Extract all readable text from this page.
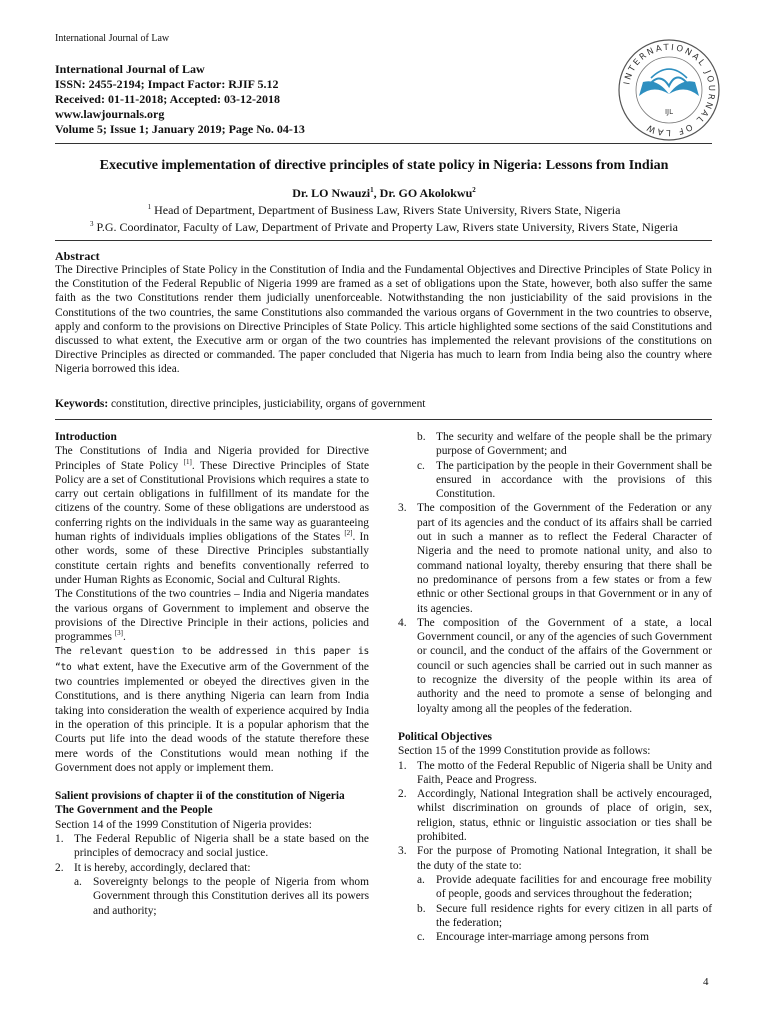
International Journal of Law
International Journal of Law
ISSN: 2455-2194; Impact Factor: RJIF 5.12
Received: 01-11-2018; Accepted: 03-12-2018
www.lawjournals.org
Volume 5; Issue 1; January 2019; Page No. 04-13
INTERNATIONAL JOURNAL OF LAW
IJL
Executive implementation of directive principles of state policy in Nigeria: Lessons from Indian
Dr. LO Nwauzi$^1$, Dr. GO Akolokwu$^2$
$^1$ Head of Department, Department of Business Law, Rivers State University, Rivers State, Nigeria
$^3$ P.G. Coordinator, Faculty of Law, Department of Private and Property Law, Rivers state University, Rivers State, Nigeria
Abstract
The Directive Principles of State Policy in the Constitution of India and the Fundamental Objectives and Directive Principles of State Policy in the Constitution of the Federal Republic of Nigeria 1999 are framed as a set of obligations upon the State, however, both also suffer the same faith as the two Constitutions render them judicially unenforceable. Notwithstanding the non justiciability of the said provisions in the Constitutions of the two countries, the same Constitutions also commanded the various organs of Government in the two countries to observe, apply and conform to the provisions on Directive Principles of State Policy. This article highlighted some sections of the said Constitutions and discussed to what extent, the Executive arm or organ of the two countries has implemented the relevant provisions of the constitutions on Directive Principles as directed or commanded. The paper concluded that Nigeria has much to learn from India being also the country where Nigeria borrowed this idea.
Keywords: constitution, directive principles, justiciability, organs of government

Introduction

The Constitutions of India and Nigeria provided for Directive Principles of State Policy [1]. These Directive Principles of State Policy are a set of Constitutional Provisions which requires a state to carry out certain obligations in fulfillment of its mandate for the citizens of the country. Some of these obligations are understood as conferring rights on the individuals in the same way as guaranteeing human rights of individuals implies obligations of the States [2]. In other words, some of these Directive Principles substantially constitute certain rights and benefits conventionally referred to under Human Rights as Economic, Social and Cultural Rights.

The Constitutions of the two countries – India and Nigeria mandates the various organs of Government to implement and observe the provisions of the Directive Principle in their actions, policies and programmes [3].

The relevant question to be addressed in this paper is “to what extent, have the Executive arm of the Government of the two countries implemented or obeyed the directives given in the Constitutions, and is there anything Nigeria can learn from India taking into consideration the wealth of experience acquired by India in the operation of this principle. It is a popular aphorism that the Courts put life into the dead woods of the statute therefore these mere words of the Constitutions would mean nothing if the Government does not apply or implement them.

Salient provisions of chapter ii of the constitution of Nigeria

The Government and the People

Section 14 of the 1999 Constitution of Nigeria provides:

1. The Federal Republic of Nigeria shall be a state based on the principles of democracy and social justice.
2. It is hereby, accordingly, declared that:
a. Sovereignty belongs to the people of Nigeria from whom Government through this Constitution derives all its powers and authority;
b. The security and welfare of the people shall be the primary purpose of Government; and
c. The participation by the people in their Government shall be ensured in accordance with the provisions of this Constitution.
3. The composition of the Government of the Federation or any part of its agencies and the conduct of its affairs shall be carried out in such a manner as to reflect the Federal Character of Nigeria and the need to promote national unity, and also to command national loyalty, thereby ensuring that there shall be no predominance of persons from a few states or from a few ethnic or other Sectional groups in that Government or in any of its agencies.
4. The composition of the Government of a state, a local Government council, or any of the agencies of such Government or council, and the conduct of the affairs of the Government or council or such agencies shall be carried out in such manner as to recognize the diversity of the people within its area of authority and the need to promote a sense of belonging and loyalty among all the peoples of the federation.

Political Objectives

Section 15 of the 1999 Constitution provide as follows:

1. The motto of the Federal Republic of Nigeria shall be Unity and Faith, Peace and Progress.
2. Accordingly, National Integration shall be actively encouraged, whilst discrimination on grounds of place of origin, sex, religion, status, ethnic or linguistic association or ties shall be prohibited.
3. For the purpose of Promoting National Integration, it shall be the duty of the state to:
a. Provide adequate facilities for and encourage free mobility of people, goods and services throughout the federation;
b. Secure full residence rights for every citizen in all parts of the federation;
c. Encourage inter-marriage among persons from
4
